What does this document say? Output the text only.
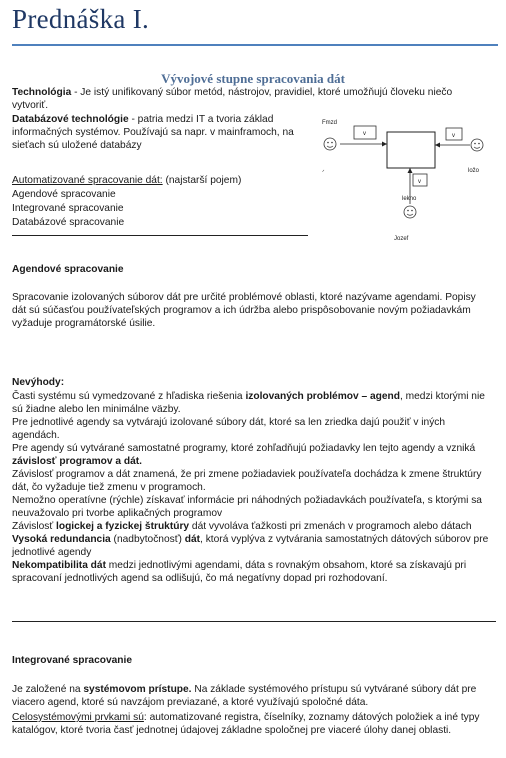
Prednáška I.
Vývojové stupne spracovania dát
Technológia - Je istý unifikovaný súbor metód, nástrojov, pravidiel, ktoré umožňujú človeku niečo vytvoriť.
Databázové technológie - patria medzi IT a tvoria základ informačných systémov. Používajú sa napr. v mainframoch, na sieťach sú uložené databázy
Automatizované spracovanie dát: (najstarší pojem)
Agendové spracovanie
Integrované spracovanie
Databázové spracovanie
Fmzd
v	v
ložo
ᐟ
v
lekno
Jozef
Agendové spracovanie
Spracovanie izolovaných súborov dát pre určité problémové oblasti, ktoré nazývame agendami. Popisy dát sú súčasťou používateľských programov a ich údržba alebo prispôsobovanie novým požiadavkám vyžaduje programátorské úsilie.
Nevýhody:

Časti systému sú vymedzované z hľadiska riešenia izolovaných problémov – agend, medzi ktorými nie sú žiadne alebo len minimálne väzby.

Pre jednotlivé agendy sa vytvárajú izolované súbory dát, ktoré sa len zriedka dajú použiť v iných agendách.

Pre agendy sú vytvárané samostatné programy, ktoré zohľadňujú požiadavky len tejto agendy a vzniká závislosť programov a dát.

Závislosť programov a dát znamená, že pri zmene požiadaviek používateľa dochádza k zmene štruktúry dát, čo vyžaduje tiež zmenu v programoch.

Nemožno operatívne (rýchle) získavať informácie pri náhodných požiadavkách používateľa, s ktorými sa neuvažovalo pri tvorbe aplikačných programov

Závislosť logickej a fyzickej štruktúry dát vyvoláva ťažkosti pri zmenách v programoch alebo dátach

Vysoká redundancia (nadbytočnosť) dát, ktorá vyplýva z vytvárania samostatných dátových súborov pre jednotlivé agendy

Nekompatibilita dát medzi jednotlivými agendami, dáta s rovnakým obsahom, ktoré sa získavajú pri spracovaní jednotlivých agend sa odlišujú, čo má negatívny dopad pri rozhodovaní.

Integrované spracovanie
Je založené na systémovom prístupe. Na základe systémového prístupu sú vytvárané súbory dát pre viacero agend, ktoré sú navzájom previazané, a ktoré využívajú spoločné dáta.
Celosystémovými prvkami sú: automatizované registra, číselníky, zoznamy dátových položiek a iné typy katalógov, ktoré tvoria časť jednotnej údajovej základne spoločnej pre viaceré úlohy danej oblasti.
